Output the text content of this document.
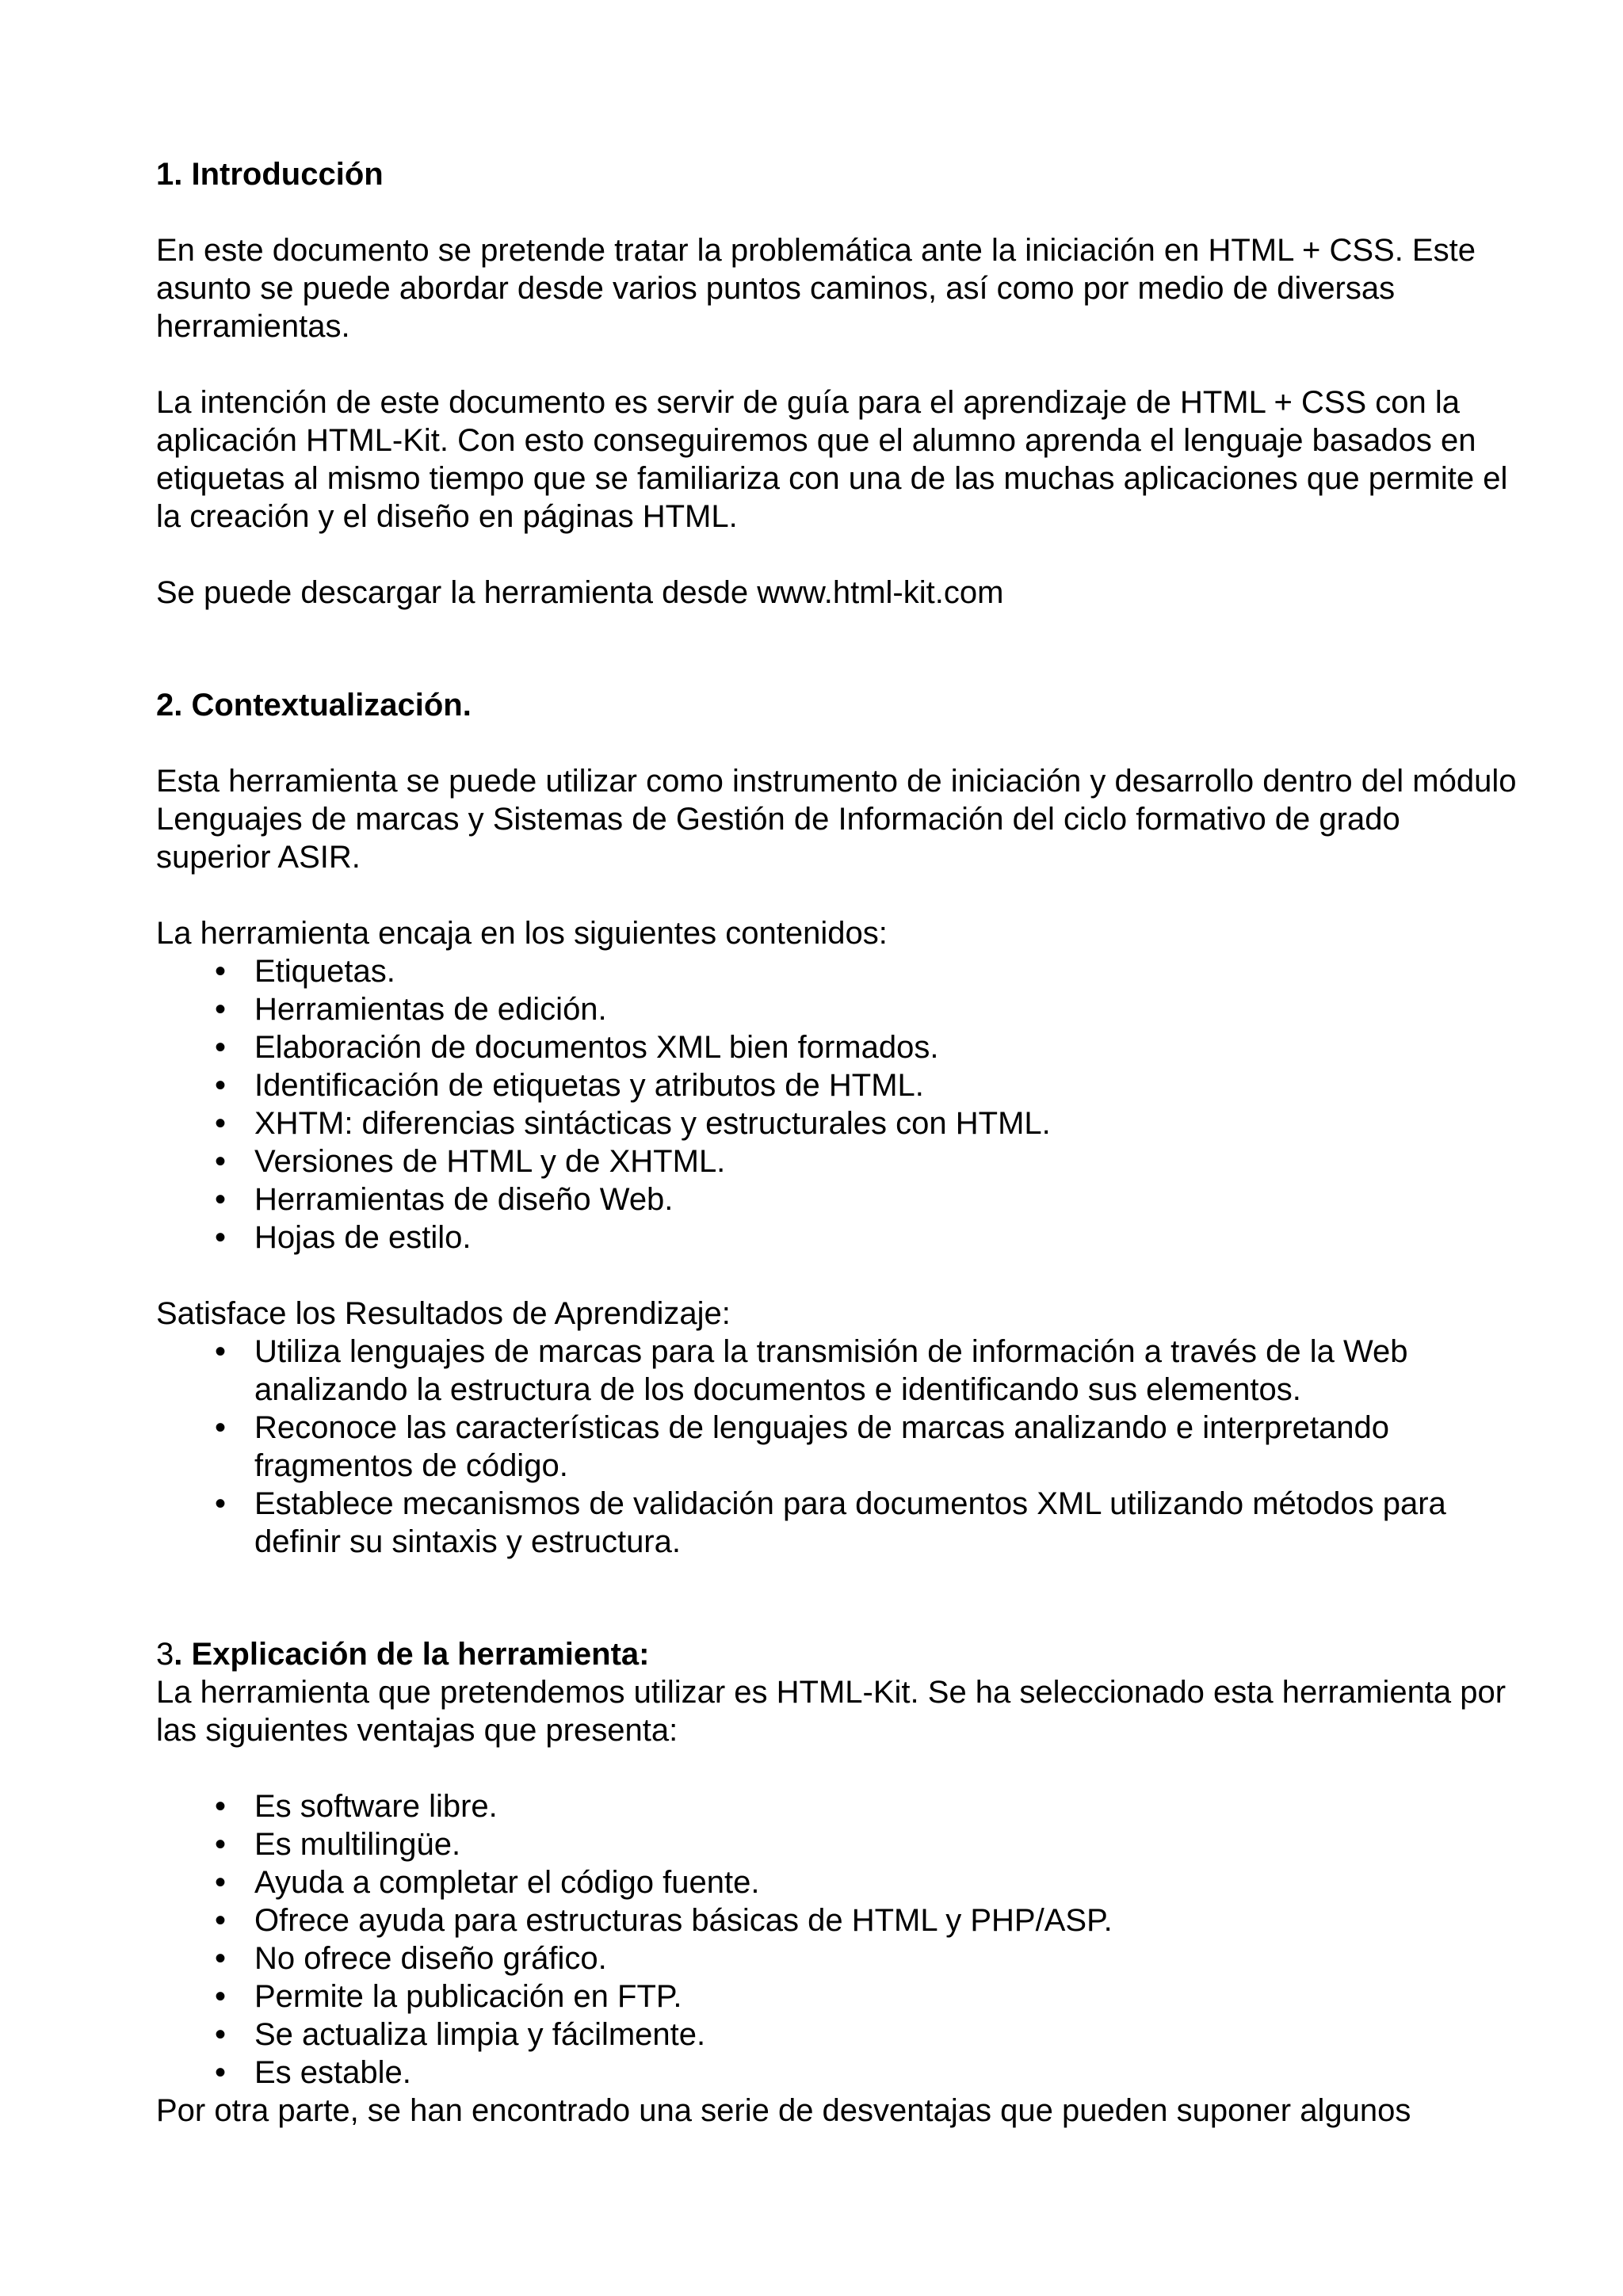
1. Introducción

En este documento se pretende tratar la problemática ante la iniciación en HTML + CSS. Este asunto se puede abordar desde varios puntos caminos, así como por medio de diversas herramientas.

La intención de este documento es servir de guía para el aprendizaje de HTML + CSS con la aplicación HTML-Kit. Con esto conseguiremos que el alumno aprenda el lenguaje basados en etiquetas al mismo tiempo que se familiariza con una de las muchas aplicaciones que permite el la creación y el diseño en páginas HTML.

Se puede descargar la herramienta desde www.html-kit.com

2. Contextualización.

Esta herramienta se puede utilizar como instrumento de iniciación y desarrollo dentro del módulo Lenguajes de marcas y Sistemas de Gestión de Información del ciclo formativo de grado superior ASIR.

La herramienta encaja en los siguientes contenidos:

• Etiquetas.
• Herramientas de edición.
• Elaboración de documentos XML bien formados.
• Identificación de etiquetas y atributos de HTML.
• XHTM: diferencias sintácticas y estructurales con HTML.
• Versiones de HTML y de XHTML.
• Herramientas de diseño Web.
• Hojas de estilo.

Satisface los Resultados de Aprendizaje:

• Utiliza lenguajes de marcas para la transmisión de información a través de la Web analizando la estructura de los documentos e identificando sus elementos.
• Reconoce las características de lenguajes de marcas analizando e interpretando fragmentos de código.
• Establece mecanismos de validación para documentos XML utilizando métodos para definir su sintaxis y estructura.
3. Explicación de la herramienta:

La herramienta que pretendemos utilizar es HTML-Kit. Se ha seleccionado esta herramienta por las siguientes ventajas que presenta:

• Es software libre.
• Es multilingüe.
• Ayuda a completar el código fuente.
• Ofrece ayuda para estructuras básicas de HTML y PHP/ASP.
• No ofrece diseño gráfico.
• Permite la publicación en FTP.
• Se actualiza limpia y fácilmente.
• Es estable.

Por otra parte, se han encontrado una serie de desventajas que pueden suponer algunos
